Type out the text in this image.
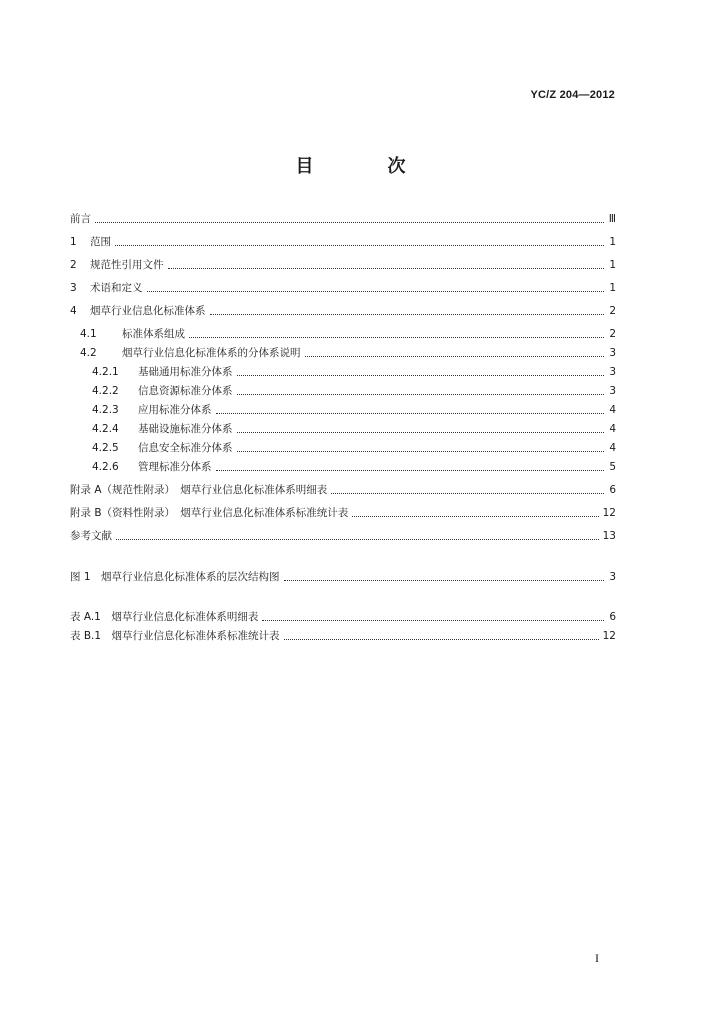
YC/Z 204—2012
目　次
前言	Ⅲ
1	范围	1
2	规范性引用文件	1
3	术语和定义	1
4	烟草行业信息化标准体系	2
4.1	标准体系组成	2
4.2	烟草行业信息化标准体系的分体系说明	3
4.2.1	基础通用标准分体系	3
4.2.2	信息资源标准分体系	3
4.2.3	应用标准分体系	4
4.2.4	基础设施标准分体系	4
4.2.5	信息安全标准分体系	4
4.2.6	管理标准分体系	5
附录 A（规范性附录）　烟草行业信息化标准体系明细表	6
附录 B（资料性附录）　烟草行业信息化标准体系标准统计表	12
参考文献	13
图 1　烟草行业信息化标准体系的层次结构图	3
表 A.1　烟草行业信息化标准体系明细表	6
表 B.1　烟草行业信息化标准体系标准统计表	12
I
